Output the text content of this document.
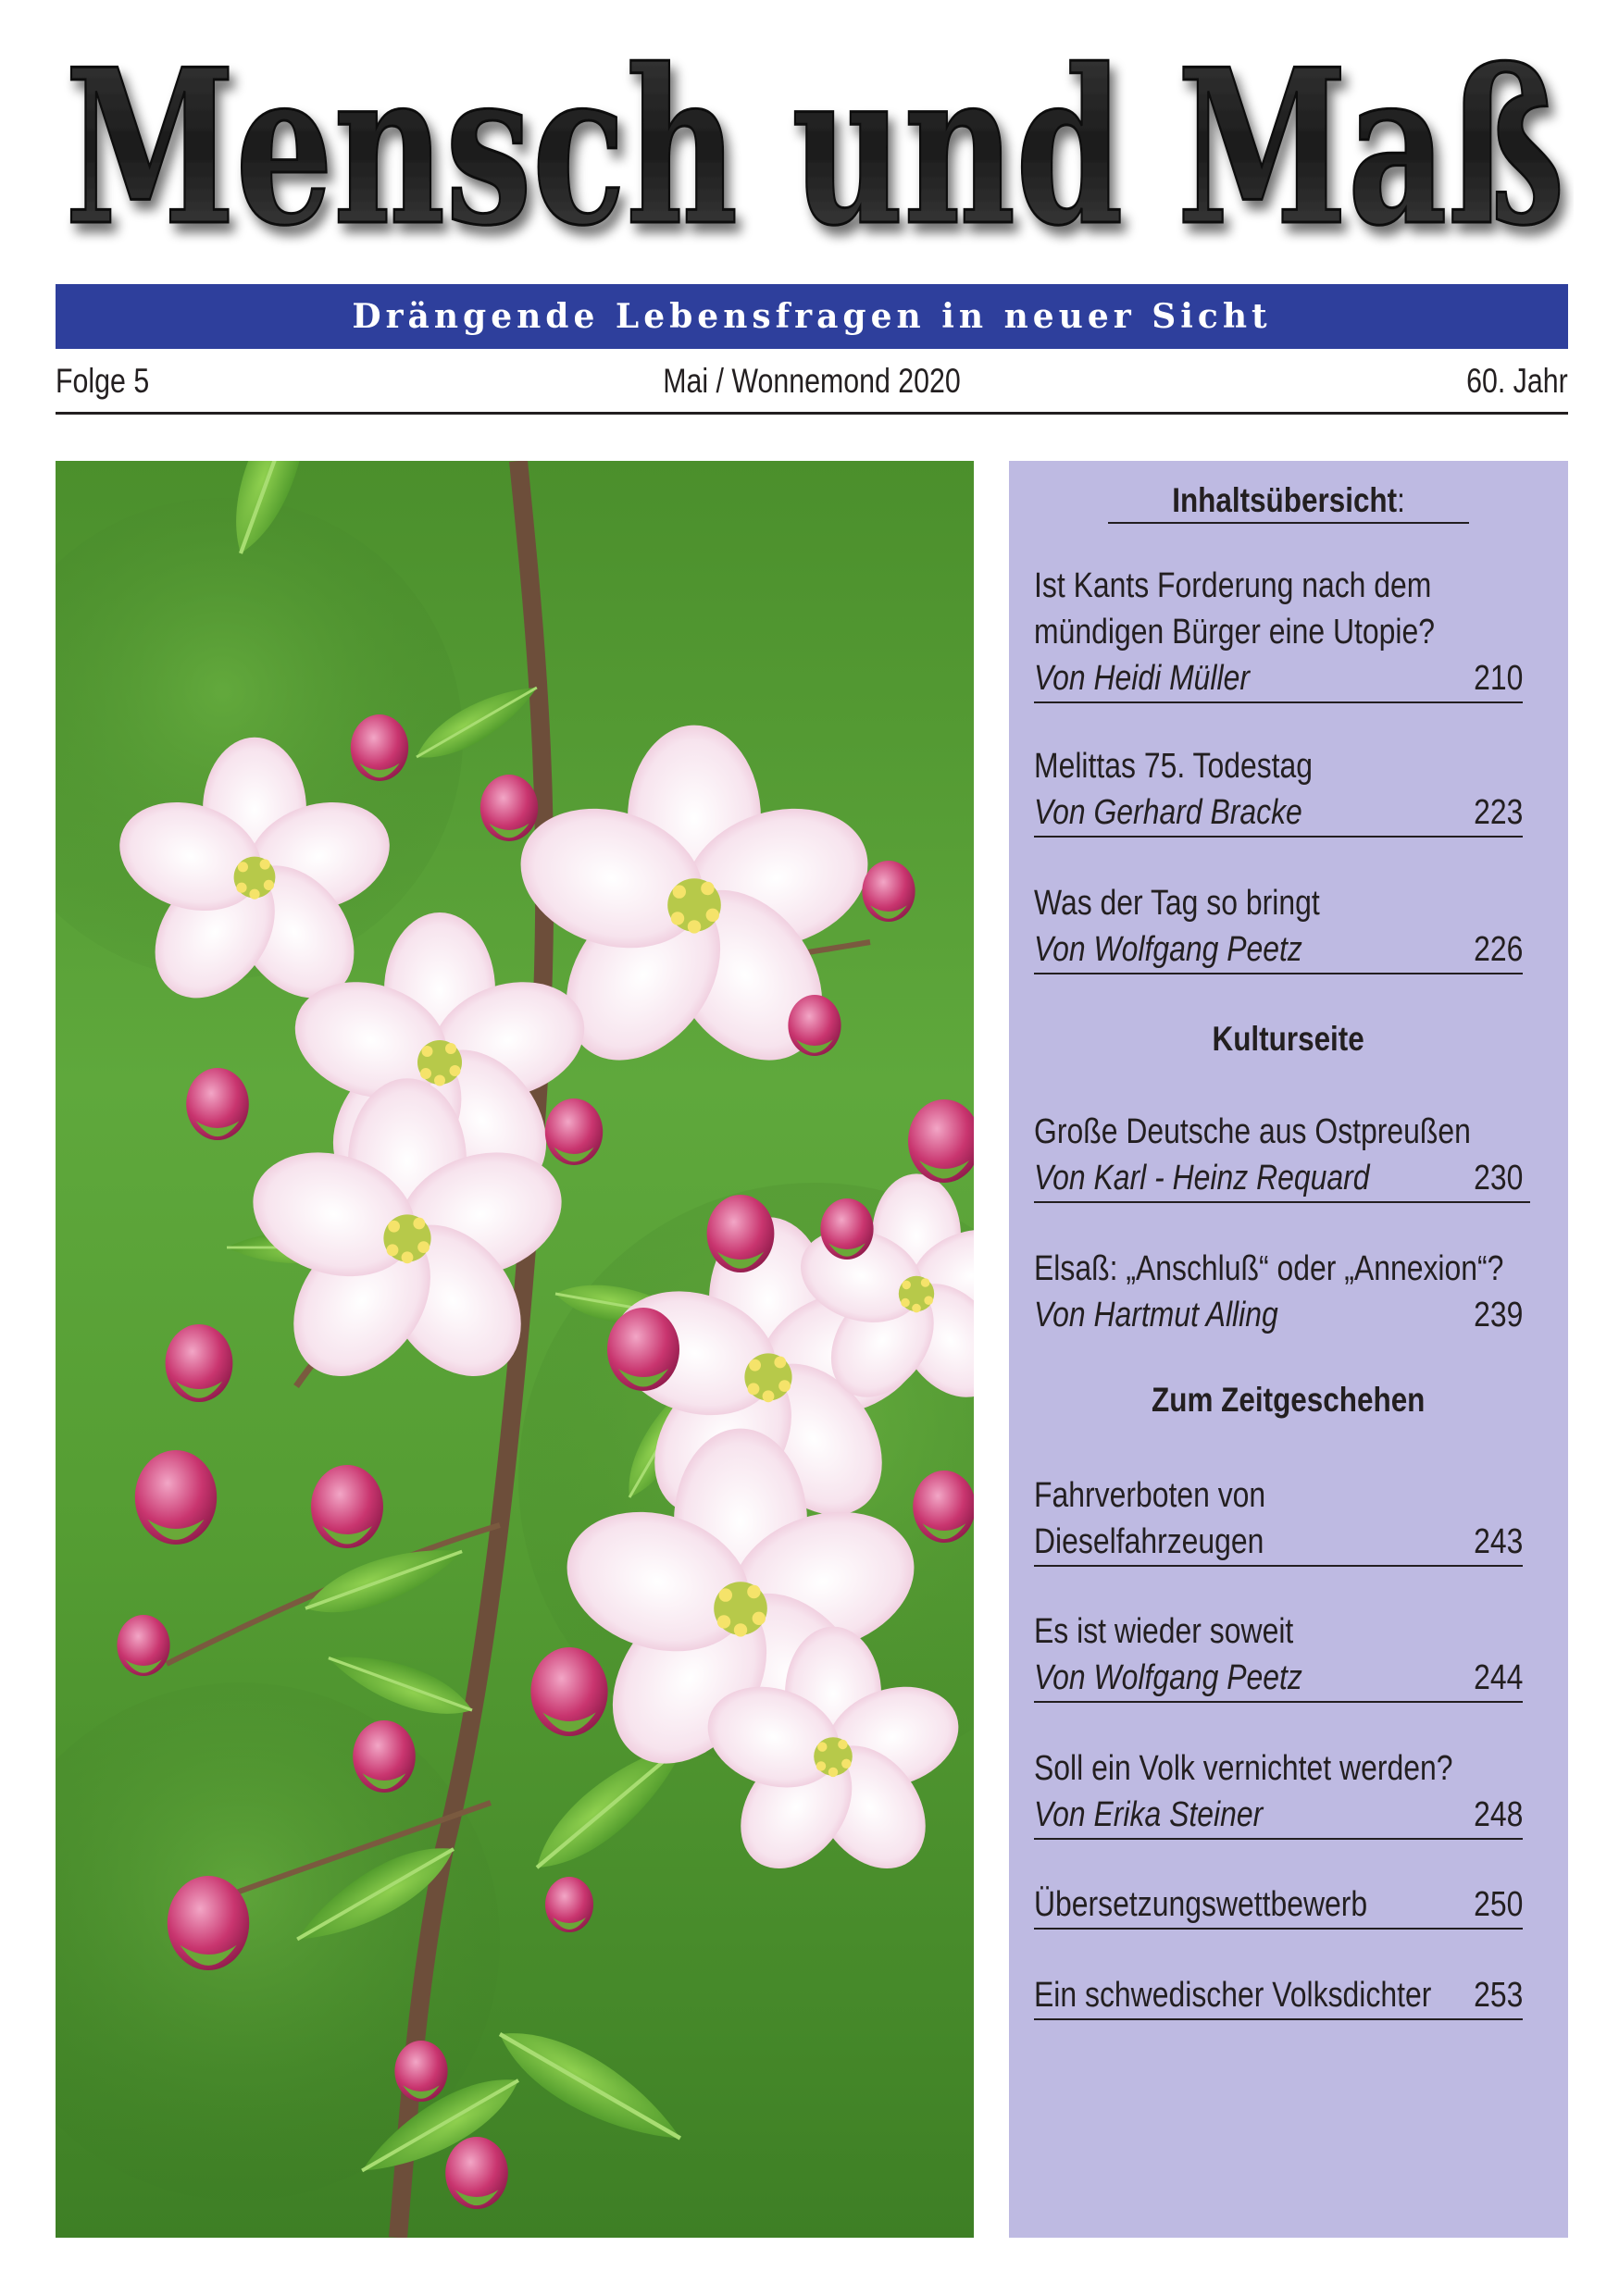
Mensch und Maß
Drängende Lebensfragen in neuer Sicht
Folge 5	Mai / Wonnemond 2020	60. Jahr
Inhaltsübersicht:
Ist Kants Forderung nach dem
mündigen Bürger eine Utopie?
Von Heidi Müller	210
Melittas 75. Todestag
Von Gerhard Bracke	223
Was der Tag so bringt
Von Wolfgang Peetz	226
Kulturseite
Große Deutsche aus Ostpreußen
Von Karl - Heinz Requard	230
Elsaß: „Anschluß“ oder „Annexion“?
Von Hartmut Alling	239
Zum Zeitgeschehen
Fahrverboten von
Dieselfahrzeugen	243
Es ist wieder soweit
Von Wolfgang Peetz	244
Soll ein Volk vernichtet werden?
Von Erika Steiner	248
Übersetzungswettbewerb	250
Ein schwedischer Volksdichter 253
